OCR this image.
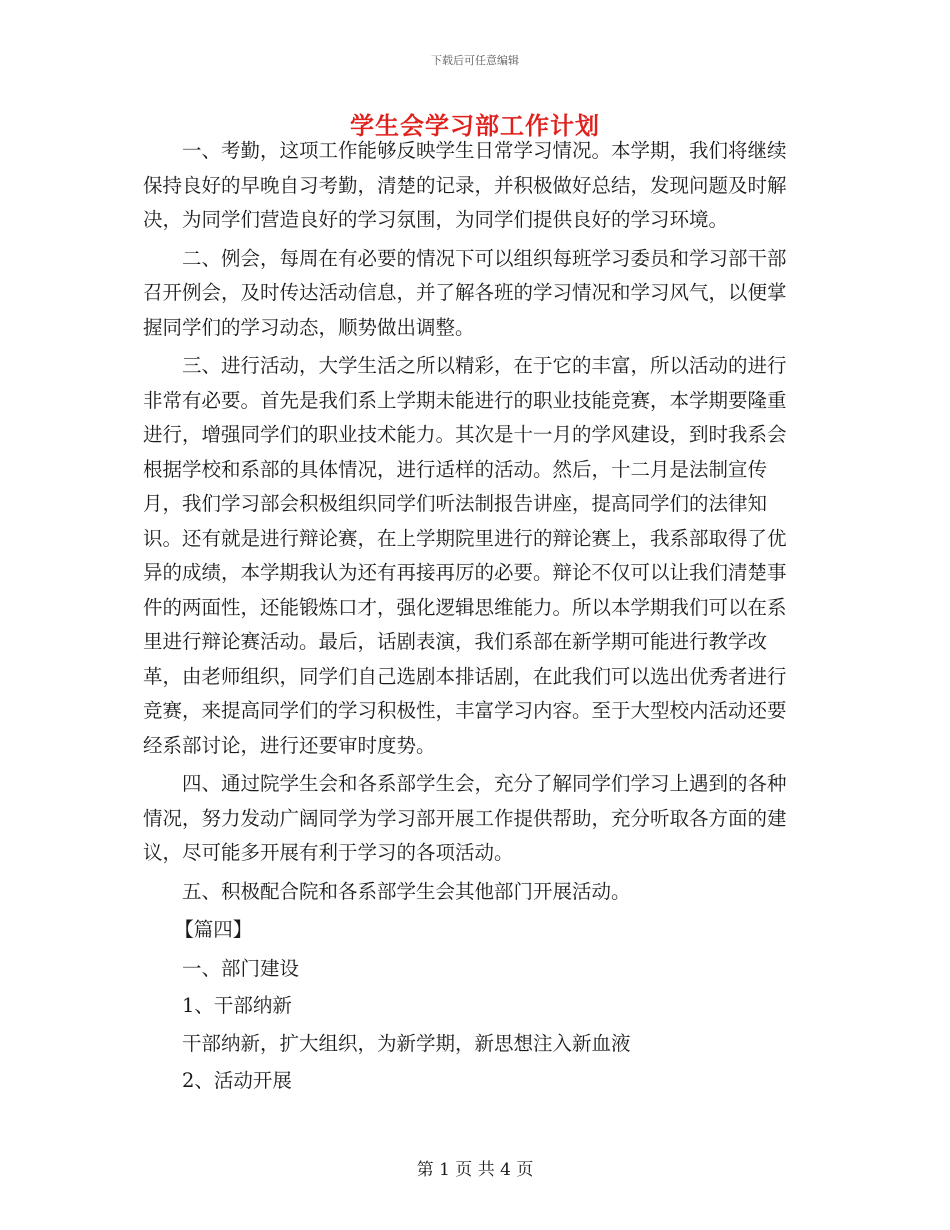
下载后可任意编辑
学生会学习部工作计划

一、考勤，这项工作能够反映学生日常学习情况。本学期，我们将继续保持良好的早晚自习考勤，清楚的记录，并积极做好总结，发现问题及时解决，为同学们营造良好的学习氛围，为同学们提供良好的学习环境。

二、例会，每周在有必要的情况下可以组织每班学习委员和学习部干部召开例会，及时传达活动信息，并了解各班的学习情况和学习风气，以便掌握同学们的学习动态，顺势做出调整。

三、进行活动，大学生活之所以精彩，在于它的丰富，所以活动的进行非常有必要。首先是我们系上学期未能进行的职业技能竞赛，本学期要隆重进行，增强同学们的职业技术能力。其次是十一月的学风建设，到时我系会根据学校和系部的具体情况，进行适样的活动。然后，十二月是法制宣传月，我们学习部会积极组织同学们听法制报告讲座，提高同学们的法律知识。还有就是进行辩论赛，在上学期院里进行的辩论赛上，我系部取得了优异的成绩，本学期我认为还有再接再厉的必要。辩论不仅可以让我们清楚事件的两面性，还能锻炼口才，强化逻辑思维能力。所以本学期我们可以在系里进行辩论赛活动。最后，话剧表演，我们系部在新学期可能进行教学改革，由老师组织，同学们自己选剧本排话剧，在此我们可以选出优秀者进行竞赛，来提高同学们的学习积极性，丰富学习内容。至于大型校内活动还要经系部讨论，进行还要审时度势。

四、通过院学生会和各系部学生会，充分了解同学们学习上遇到的各种情况，努力发动广阔同学为学习部开展工作提供帮助，充分听取各方面的建议，尽可能多开展有利于学习的各项活动。

五、积极配合院和各系部学生会其他部门开展活动。

【篇四】

一、部门建设

1、干部纳新

干部纳新，扩大组织，为新学期，新思想注入新血液

2、活动开展

第 1 页 共 4 页
